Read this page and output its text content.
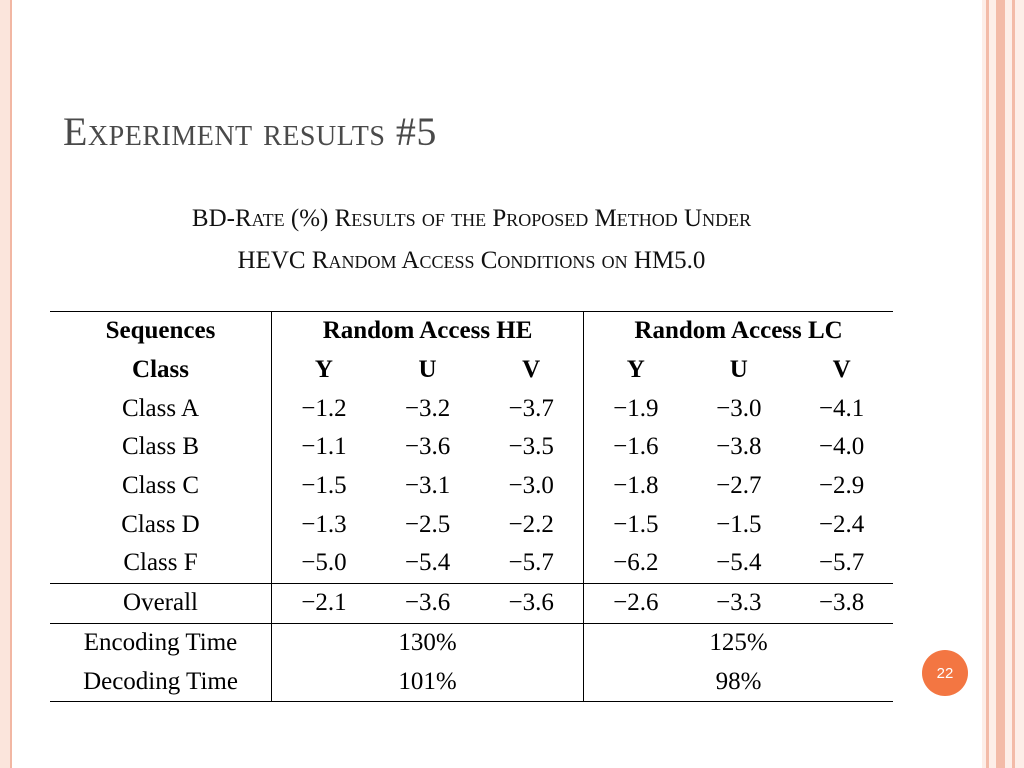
Experiment results #5
BD-Rate (%) Results of the Proposed Method Under
HEVC Random Access Conditions on HM5.0
Sequences	Random Access HE			Random Access LC		
Class	Y	U	V	Y	U	V
Class A	−1.2	−3.2	−3.7	−1.9	−3.0	−4.1
Class B	−1.1	−3.6	−3.5	−1.6	−3.8	−4.0
Class C	−1.5	−3.1	−3.0	−1.8	−2.7	−2.9
Class D	−1.3	−2.5	−2.2	−1.5	−1.5	−2.4
Class F	−5.0	−5.4	−5.7	−6.2	−5.4	−5.7
Overall	−2.1	−3.6	−3.6	−2.6	−3.3	−3.8
Encoding Time	130%			125%		
Decoding Time	101%			98%			22
